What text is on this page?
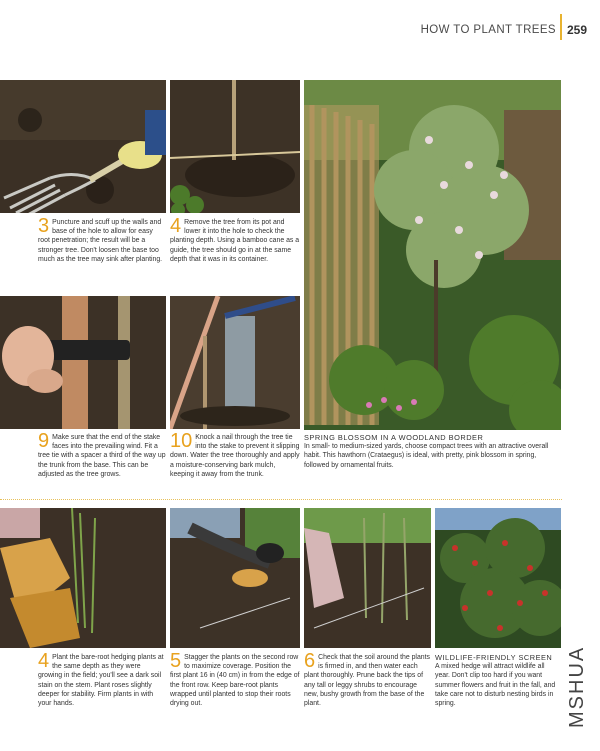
HOW TO PLANT TREES 259
3 Puncture and scuff up the walls and base of the hole to allow for easy root penetration; the result will be a stronger tree. Don't loosen the base too much as the tree may sink after planting.
4 Remove the tree from its pot and lower it into the hole to check the planting depth. Using a bamboo cane as a guide, the tree should go in at the same depth that it was in its container.
9 Make sure that the end of the stake faces into the prevailing wind. Fit a tree tie with a spacer a third of the way up the trunk from the base. This can be adjusted as the tree grows.
10 Knock a nail through the tree tie into the stake to prevent it slipping down. Water the tree thoroughly and apply a moisture-conserving bark mulch, keeping it away from the trunk.
SPRING BLOSSOM IN A WOODLAND BORDER
In small- to medium-sized yards, choose compact trees with an attractive overall habit. This hawthorn (Crataegus) is ideal, with pretty, pink blossom in spring, followed by ornamental fruits.
4 Plant the bare-root hedging plants at the same depth as they were growing in the field; you'll see a dark soil stain on the stem. Plant roses slightly deeper for stability. Firm plants in with your hands.
5 Stagger the plants on the second row to maximize coverage. Position the first plant 16 in (40 cm) in from the edge of the front row. Keep bare-root plants wrapped until planted to stop their roots drying out.
6 Check that the soil around the plants is firmed in, and then water each plant thoroughly. Prune back the tips of any tall or leggy shrubs to encourage new, bushy growth from the base of the plant.
WILDLIFE-FRIENDLY SCREEN
A mixed hedge will attract wildlife all year. Don't clip too hard if you want summer flowers and fruit in the fall, and take care not to disturb nesting birds in spring.	MSHUA
